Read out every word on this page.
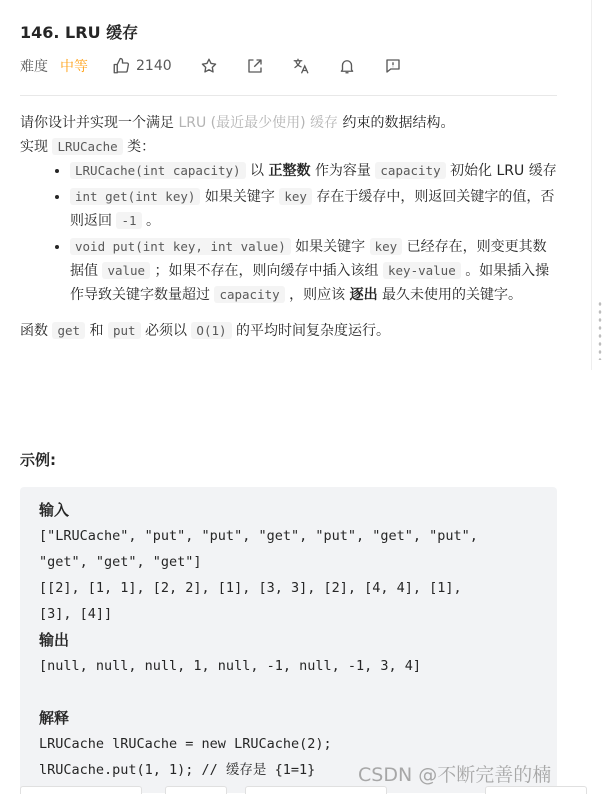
146. LRU 缓存
难度 中等	2140

请你设计并实现一个满足 LRU (最近最少使用) 缓存 约束的数据结构。

实现 LRUCache 类：

• LRUCache(int capacity) 以 正整数 作为容量 capacity 初始化 LRU 缓存
• int get(int key) 如果关键字 key 存在于缓存中，则返回关键字的值，否则返回 -1 。
• void put(int key, int value) 如果关键字 key 已经存在，则变更其数据值 value ；如果不存在，则向缓存中插入该组 key-value 。如果插入操作导致关键字数量超过 capacity ，则应该 逐出 最久未使用的关键字。

函数 get 和 put 必须以 O(1) 的平均时间复杂度运行。

示例:
输入
["LRUCache", "put", "put", "get", "put", "get", "put",
"get", "get", "get"]
[[2], [1, 1], [2, 2], [1], [3, 3], [2], [4, 4], [1],
[3], [4]]
输出
[null, null, null, 1, null, -1, null, -1, 3, 4]
解释
LRUCache lRUCache = new LRUCache(2);
lRUCache.put(1, 1); // 缓存是 {1=1}	CSDN @不断完善的楠
